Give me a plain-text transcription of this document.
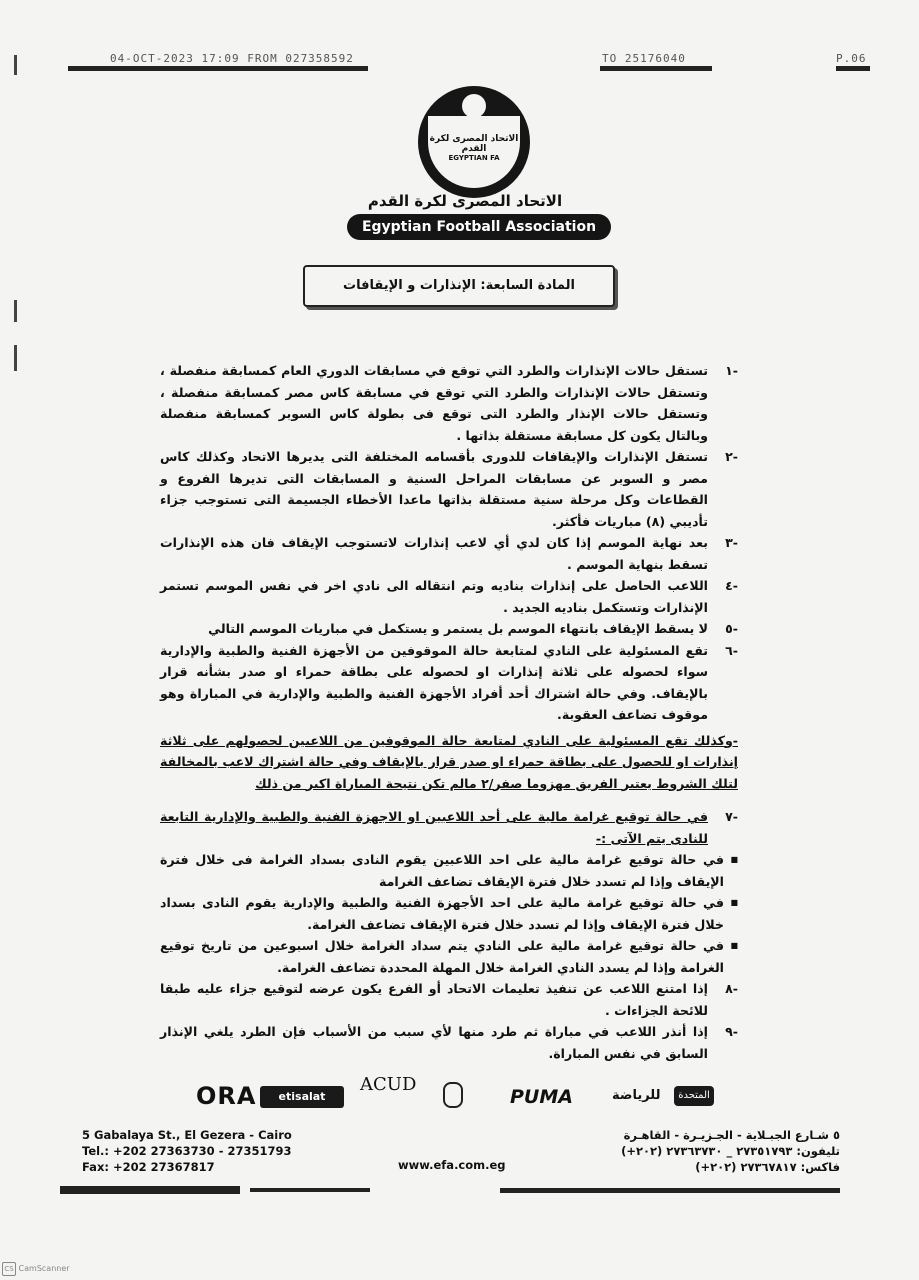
04-OCT-2023 17:09 FROM 027358592	TO 25176040	P.06
الاتحاد المصرى لكرة القدم
EGYPTIAN FA
الاتحاد المصرى لكرة القدم
Egyptian Football Association
المادة السابعة: الإنذارات و الإيقافات
-١
تستقل حالات الإنذارات والطرد التي توقع في مسابقات الدوري العام كمسابقة منفصلة ، وتستقل حالات الإنذارات والطرد التي توقع في مسابقة كاس مصر كمسابقة منفصلة ، وتستقل حالات الإنذار والطرد التى توقع فى بطولة كاس السوبر كمسابقة منفصلة وبالتال يكون كل مسابقة مستقلة بذاتها .
-٢
تستقل الإنذارات والإيقافات للدورى بأقسامه المختلفة التى يديرها الاتحاد وكذلك كاس مصر و السوبر عن مسابقات المراحل السنية و المسابقات التى تديرها الفروع و القطاعات وكل مرحلة سنية مستقلة بذاتها ماعدا الأخطاء الجسيمة التى تستوجب جزاء تأديبي (٨) مباريات فأكثر.
-٣
بعد نهاية الموسم إذا كان لدي أي لاعب إنذارات لاتستوجب الإيقاف فان هذه الإنذارات تسقط بنهاية الموسم .
-٤
اللاعب الحاصل على إنذارات بناديه وتم انتقاله الى نادي اخر في نفس الموسم تستمر الإنذارات وتستكمل بناديه الجديد .
-٥
لا يسقط الإيقاف بانتهاء الموسم بل يستمر و يستكمل في مباريات الموسم التالي
-٦
تقع المسئولية على النادي لمتابعة حالة الموقوفين من الأجهزة الفنية والطبية والإدارية سواء لحصوله على ثلاثة إنذارات او لحصوله على بطاقة حمراء او صدر بشأنه قرار بالإيقاف. وفي حالة اشتراك أحد أفراد الأجهزة الفنية والطبية والإدارية في المباراة وهو موقوف تضاعف العقوبة.

-وكذلك تقع المسئولية على النادي لمتابعة حالة الموقوفين من اللاعبين لحصولهم على ثلاثة إنذارات او للحصول على بطاقة حمراء او صدر قرار بالإيقاف وفي حالة اشتراك لاعب بالمخالفة لتلك الشروط يعتبر الفريق مهزوما صفر/٢ مالم تكن نتيجة المباراة اكبر من ذلك

-٧
في حالة توقيع غرامة مالية على أحد اللاعبين او الاجهزة الفنية والطبية والإدارية التابعة للنادى يتم الآتى :-
■ في حالة توقيع غرامة مالية على احد اللاعبين يقوم النادى بسداد الغرامة فى خلال فترة الإيقاف وإذا لم تسدد خلال فترة الإيقاف تضاعف الغرامة
■ في حالة توقيع غرامة مالية على احد الأجهزة الفنية والطبية والإدارية يقوم النادى بسداد خلال فترة الإيقاف وإذا لم تسدد خلال فترة الإيقاف تضاعف الغرامة.
■ في حالة توقيع غرامة مالية على النادي يتم سداد الغرامة خلال اسبوعين من تاريخ توقيع الغرامة وإذا لم يسدد النادي الغرامة خلال المهلة المحددة تضاعف الغرامة.
-٨
إذا امتنع اللاعب عن تنفيذ تعليمات الاتحاد أو الفرع يكون عرضه لتوقيع جزاء عليه طبقا للائحة الجزاءات .
-٩
إذا أنذر اللاعب في مباراة ثم طرد منها لأي سبب من الأسباب فإن الطرد يلغي الإنذار السابق في نفس المباراة.
ORA	etisalat
ACUD
PUMA	للرياضة	المتحدة
5 Gabalaya St., El Gezera - Cairo
Tel.: +202 27363730 - 27351793
Fax: +202 27367817	www.efa.com.eg
٥ شـارع الجبـلاية - الجـزيـرة - القاهـرة
تليفون: ٢٧٣٥١٧٩٣ _ ٢٧٣٦٣٧٣٠ (٢٠٢+)
فاكس: ٢٧٣٦٧٨١٧ (٢٠٢+)
CS CamScanner
